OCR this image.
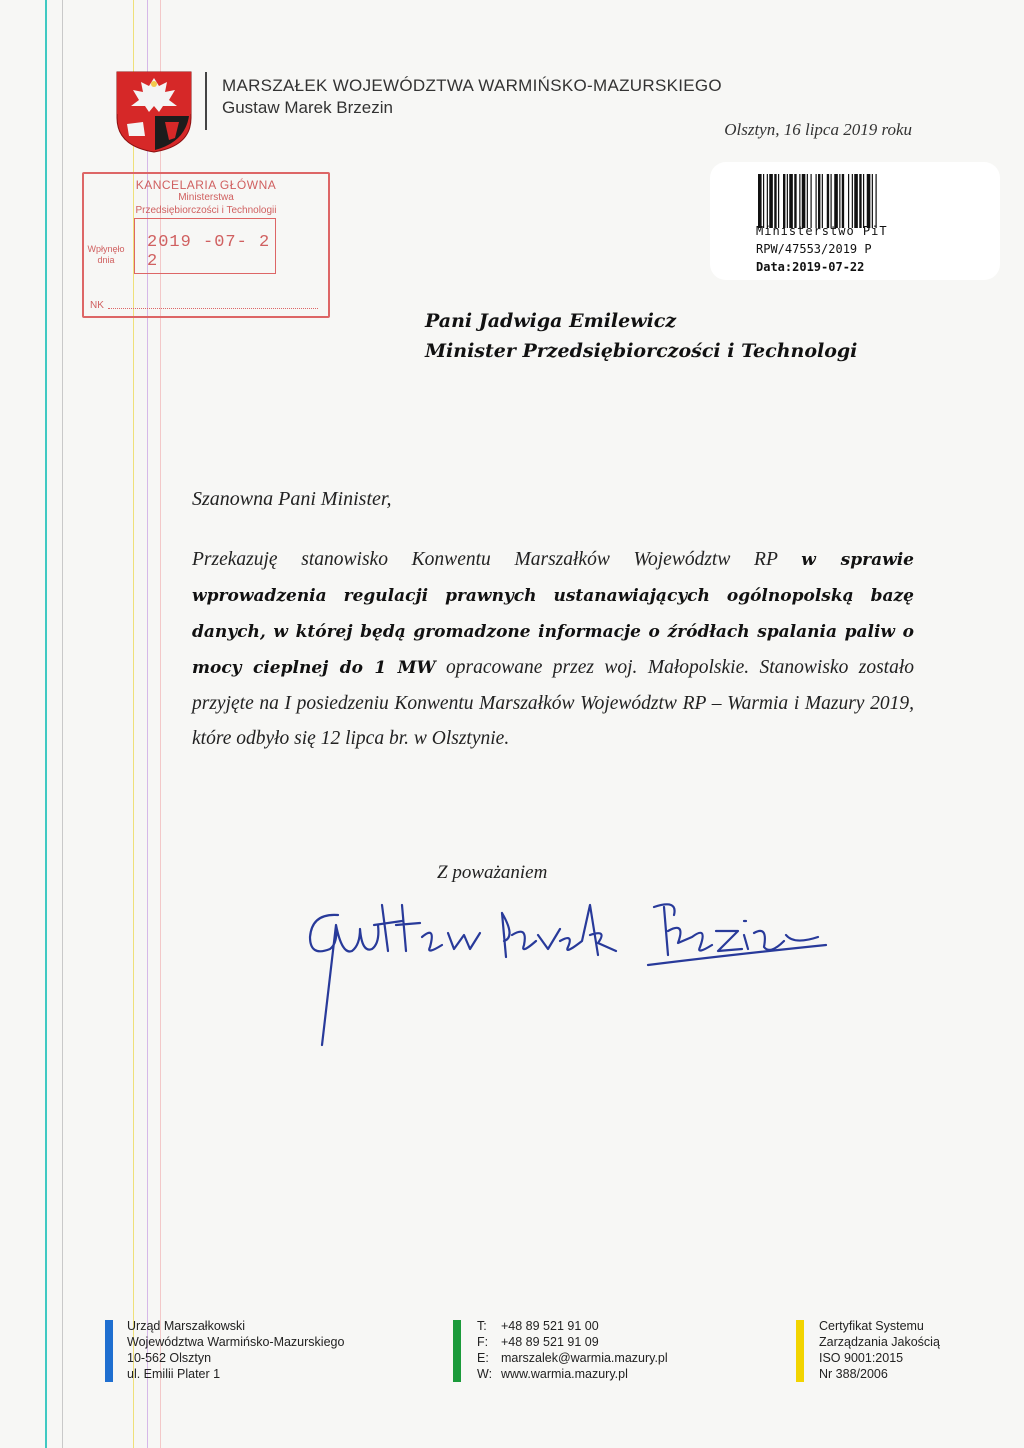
MARSZAŁEK WOJEWÓDZTWA WARMIŃSKO-MAZURSKIEGO
Gustaw Marek Brzezin
Olsztyn, 16 lipca 2019 roku
KANCELARIA GŁÓWNA
Ministerstwa
Przedsiębiorczości i Technologii
Wpłynęło
dnia
2019 -07- 2 2
NK
Ministerstwo PiT
RPW/47553/2019 P
Data:2019-07-22
Pani Jadwiga Emilewicz
Minister Przedsiębiorczości i Technologi
Szanowna Pani Minister,
Przekazuję stanowisko Konwentu Marszałków Województw RP w sprawie wprowadzenia regulacji prawnych ustanawiających ogólnopolską bazę danych, w której będą gromadzone informacje o źródłach spalania paliw o mocy cieplnej do 1 MW opracowane przez woj. Małopolskie. Stanowisko zostało przyjęte na I posiedzeniu Konwentu Marszałków Województw RP – Warmia i Mazury 2019, które odbyło się 12 lipca br. w Olsztynie.
Z poważaniem
Urząd Marszałkowski
Województwa Warmińsko-Mazurskiego
10-562 Olsztyn
ul. Emilii Plater 1
T: +48 89 521 91 00
F: +48 89 521 91 09
E: marszalek@warmia.mazury.pl
W: www.warmia.mazury.pl
Certyfikat Systemu
Zarządzania Jakością
ISO 9001:2015
Nr 388/2006
